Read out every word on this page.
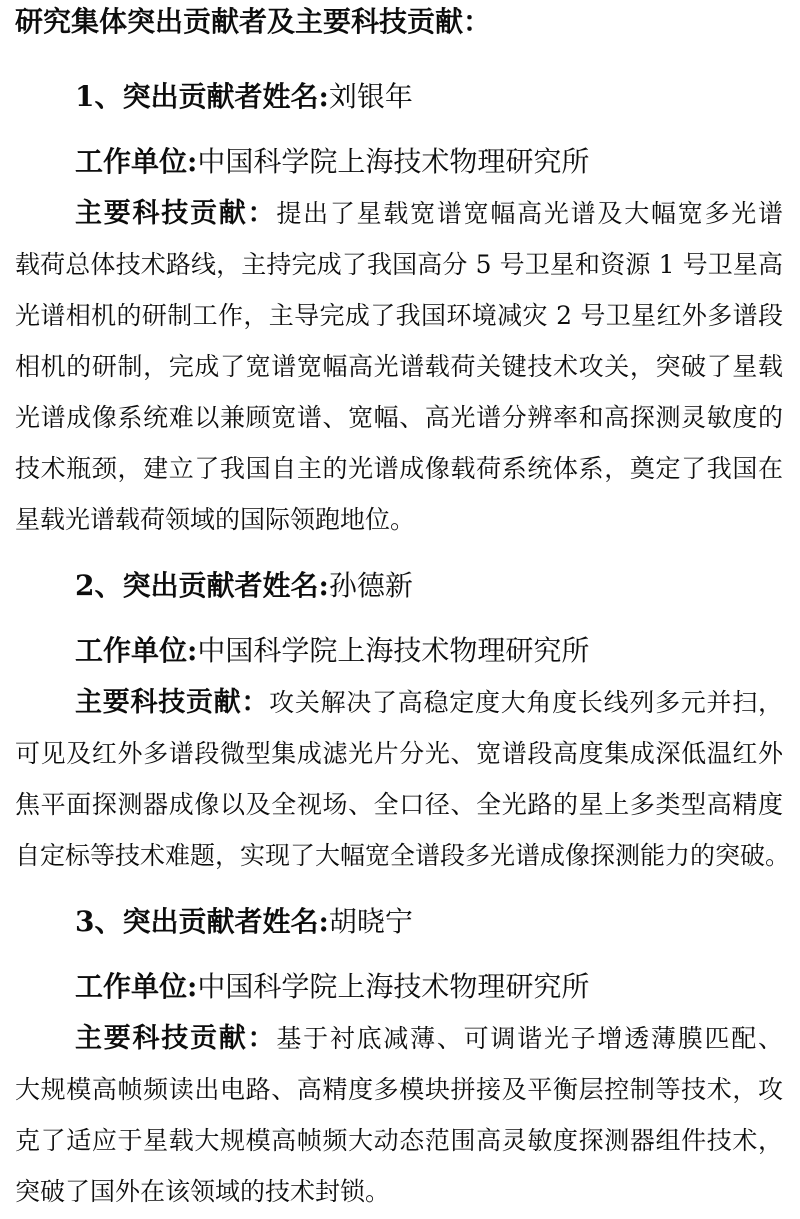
研究集体突出贡献者及主要科技贡献：
1、突出贡献者姓名:刘银年
工作单位:中国科学院上海技术物理研究所
主要科技贡献：提出了星载宽谱宽幅高光谱及大幅宽多光谱
载荷总体技术路线，主持完成了我国高分 5 号卫星和资源 1 号卫星高
光谱相机的研制工作，主导完成了我国环境减灾 2 号卫星红外多谱段
相机的研制，完成了宽谱宽幅高光谱载荷关键技术攻关，突破了星载
光谱成像系统难以兼顾宽谱、宽幅、高光谱分辨率和高探测灵敏度的
技术瓶颈，建立了我国自主的光谱成像载荷系统体系，奠定了我国在
星载光谱载荷领域的国际领跑地位。
2、突出贡献者姓名:孙德新
工作单位:中国科学院上海技术物理研究所
主要科技贡献：攻关解决了高稳定度大角度长线列多元并扫，
可见及红外多谱段微型集成滤光片分光、宽谱段高度集成深低温红外
焦平面探测器成像以及全视场、全口径、全光路的星上多类型高精度
自定标等技术难题，实现了大幅宽全谱段多光谱成像探测能力的突破。
3、突出贡献者姓名:胡晓宁
工作单位:中国科学院上海技术物理研究所
主要科技贡献：基于衬底减薄、可调谐光子增透薄膜匹配、
大规模高帧频读出电路、高精度多模块拼接及平衡层控制等技术，攻
克了适应于星载大规模高帧频大动态范围高灵敏度探测器组件技术，
突破了国外在该领域的技术封锁。
